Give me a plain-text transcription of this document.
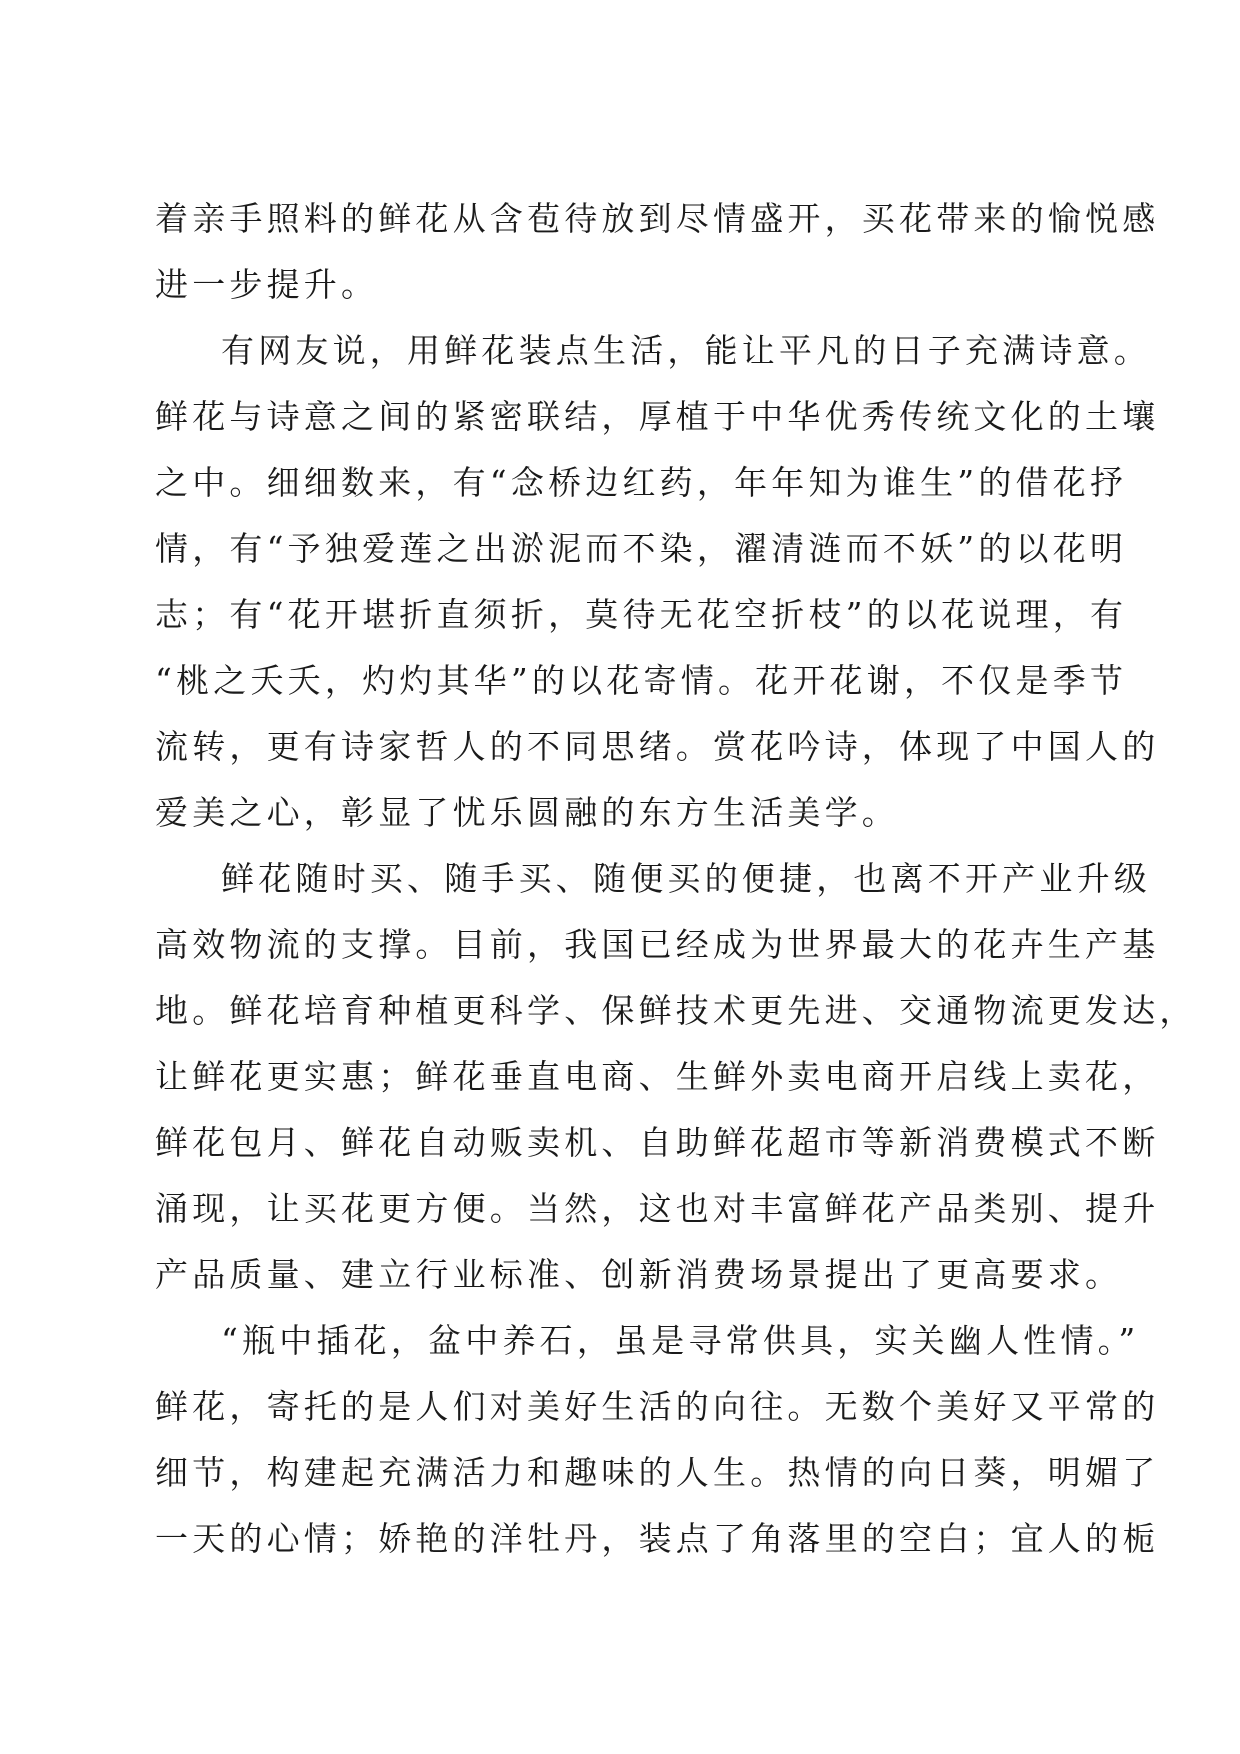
着亲手照料的鲜花从含苞待放到尽情盛开，买花带来的愉悦感
进一步提升。
有网友说，用鲜花装点生活，能让平凡的日子充满诗意。
鲜花与诗意之间的紧密联结，厚植于中华优秀传统文化的土壤
之中。细细数来，有“念桥边红药，年年知为谁生”的借花抒
情，有“予独爱莲之出淤泥而不染，濯清涟而不妖”的以花明
志；有“花开堪折直须折，莫待无花空折枝”的以花说理，有
“桃之夭夭，灼灼其华”的以花寄情。花开花谢，不仅是季节
流转，更有诗家哲人的不同思绪。赏花吟诗，体现了中国人的
爱美之心，彰显了忧乐圆融的东方生活美学。
鲜花随时买、随手买、随便买的便捷，也离不开产业升级
高效物流的支撑。目前，我国已经成为世界最大的花卉生产基
地。鲜花培育种植更科学、保鲜技术更先进、交通物流更发达，
让鲜花更实惠；鲜花垂直电商、生鲜外卖电商开启线上卖花，
鲜花包月、鲜花自动贩卖机、自助鲜花超市等新消费模式不断
涌现，让买花更方便。当然，这也对丰富鲜花产品类别、提升
产品质量、建立行业标准、创新消费场景提出了更高要求。
“瓶中插花，盆中养石，虽是寻常供具，实关幽人性情。”
鲜花，寄托的是人们对美好生活的向往。无数个美好又平常的
细节，构建起充满活力和趣味的人生。热情的向日葵，明媚了
一天的心情；娇艳的洋牡丹，装点了角落里的空白；宜人的栀
